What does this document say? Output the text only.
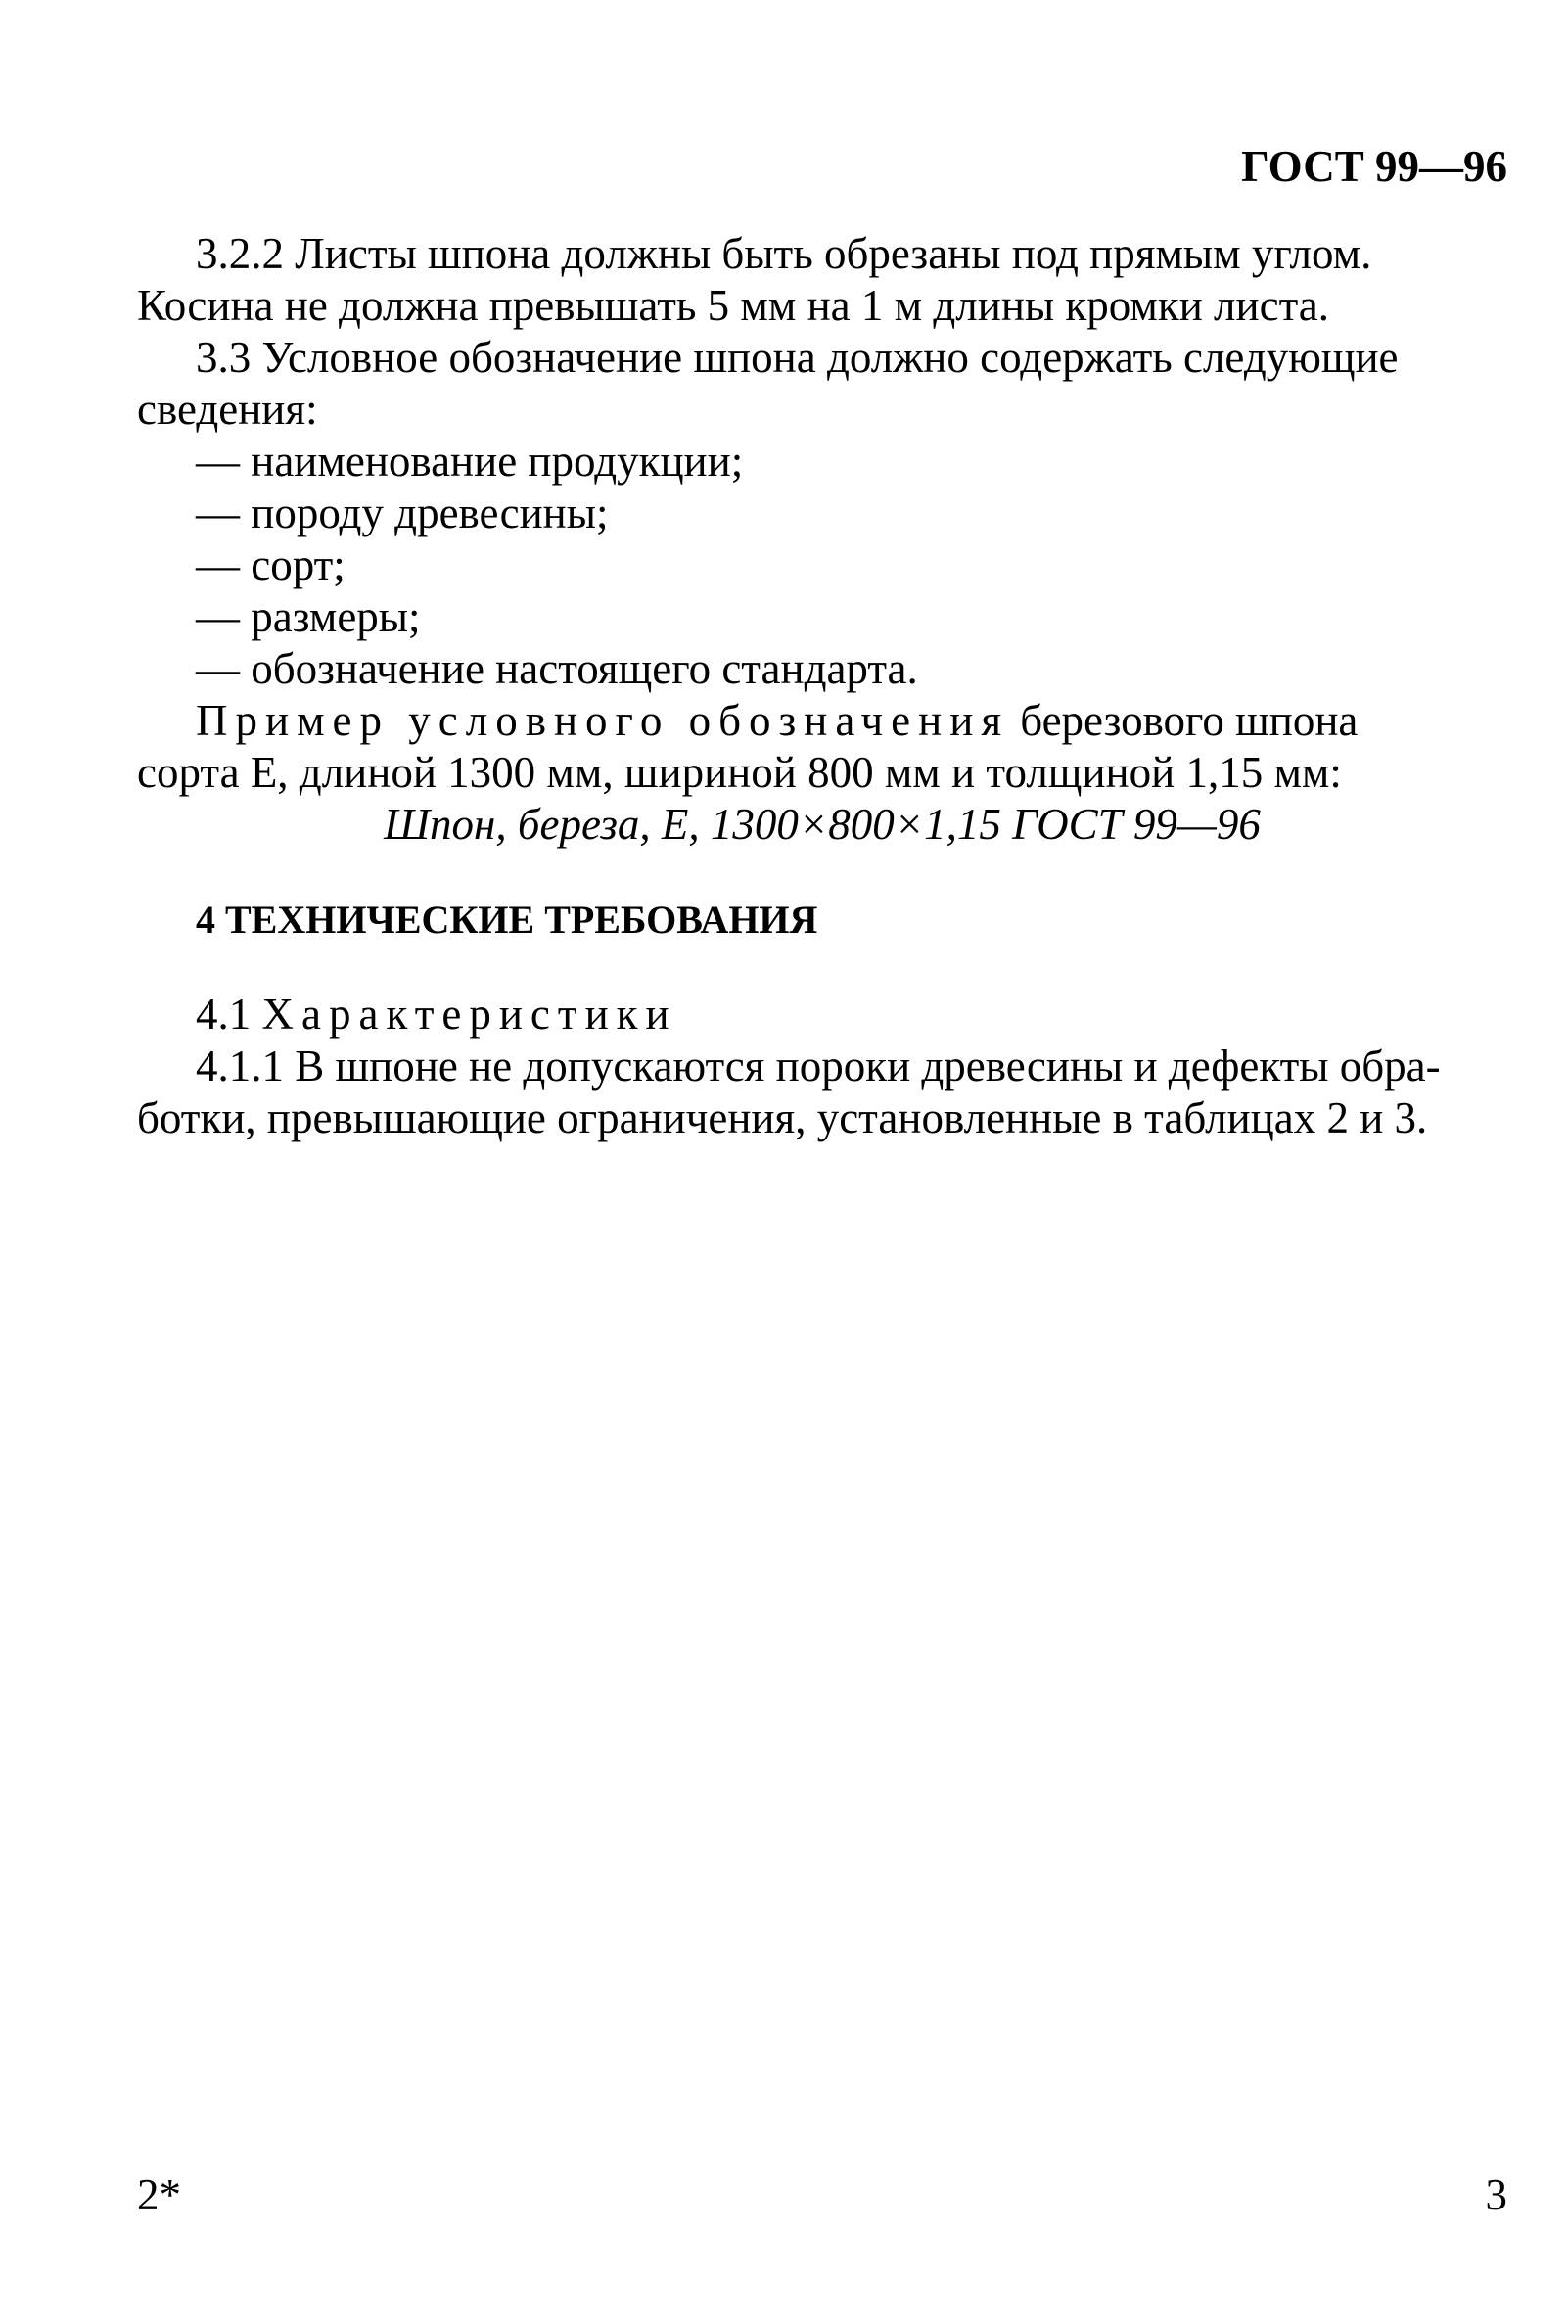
ГОСТ 99—96

3.2.2 Листы шпона должны быть обрезаны под прямым углом.

Косина не должна превышать 5 мм на 1 м длины кромки листа.

3.3 Условное обозначение шпона должно содержать следующие

сведения:

— наименование продукции;

— породу древесины;

— сорт;

— размеры;

— обозначение настоящего стандарта.

Пример условного обозначения березового шпона

сорта Е, длиной 1300 мм, шириной 800 мм и толщиной 1,15 мм:

Шпон, береза, Е, 1300×800×1,15 ГОСТ 99—96

4 ТЕХНИЧЕСКИЕ ТРЕБОВАНИЯ

4.1 Характеристики

4.1.1 В шпоне не допускаются пороки древесины и дефекты обра-

ботки, превышающие ограничения, установленные в таблицах 2 и 3.

2*	3
